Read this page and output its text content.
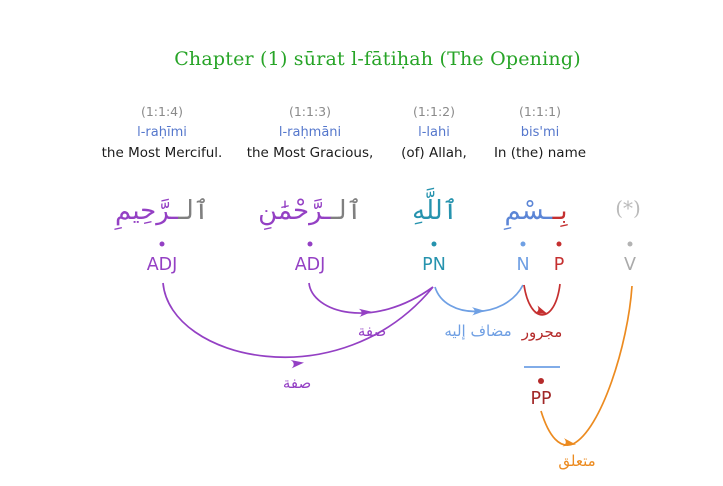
Chapter (1) sūrat l-fātiḥah (The Opening)
(1:1:4)
l-raḥīmi
the Most Merciful.
(1:1:3)
l-raḥmāni
the Most Gracious,
(1:1:2)
l-lahi
(of) Allah,
(1:1:1)
bis'mi
In (the) name
ٱلــرَّحِيمِ	ٱلــرَّحْمَٰنِ	ٱللَّهِ	بِــسْمِ	(*)
ADJ	ADJ	PN	N	P	V
صفة
صفة
مضاف إليه مجرور
متعلق
PP
